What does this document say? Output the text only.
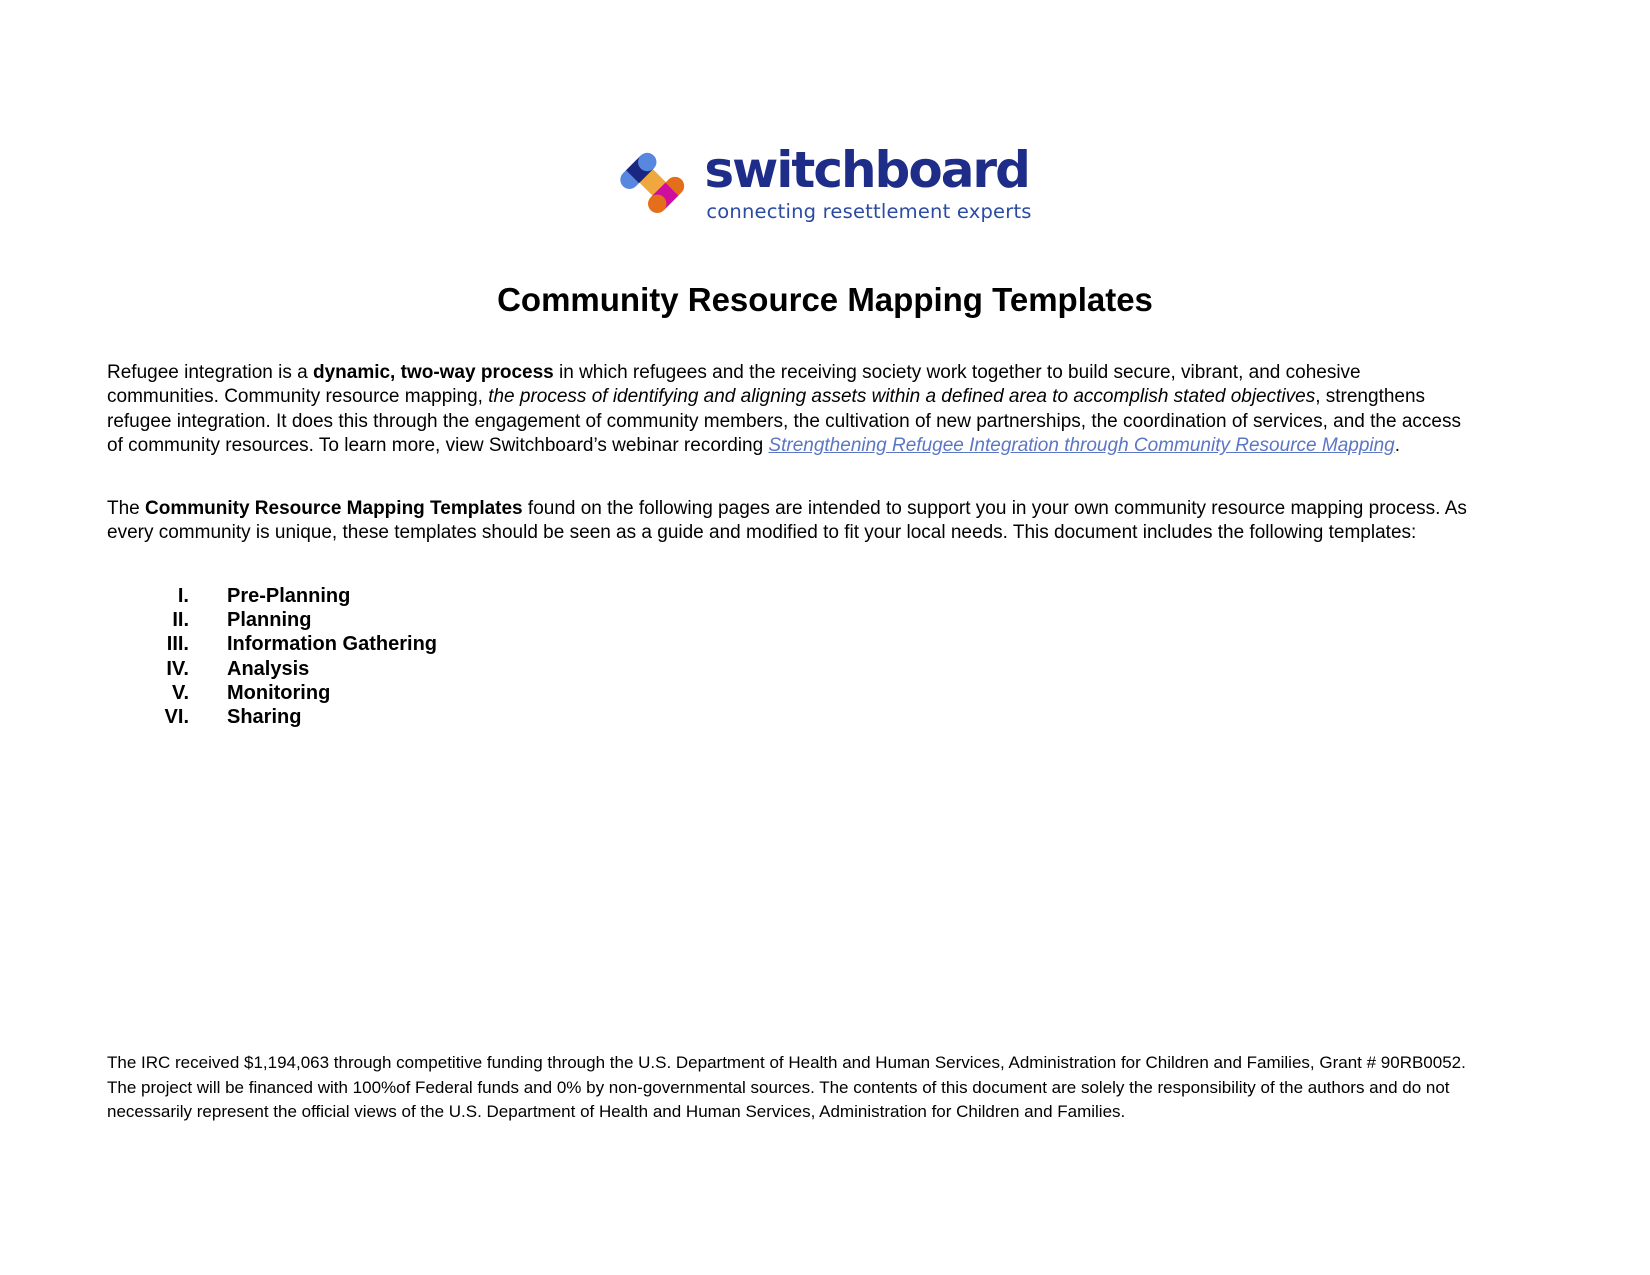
switchboard
connecting resettlement experts
Community Resource Mapping Templates

Refugee integration is a dynamic, two-way process in which refugees and the receiving society work together to build secure, vibrant, and cohesive communities. Community resource mapping, the process of identifying and aligning assets within a defined area to accomplish stated objectives, strengthens refugee integration. It does this through the engagement of community members, the cultivation of new partnerships, the coordination of services, and the access of community resources. To learn more, view Switchboard’s webinar recording Strengthening Refugee Integration through Community Resource Mapping.

The Community Resource Mapping Templates found on the following pages are intended to support you in your own community resource mapping process. As every community is unique, these templates should be seen as a guide and modified to fit your local needs. This document includes the following templates:

I. Pre-Planning
II. Planning
III. Information Gathering
IV. Analysis
V. Monitoring
VI. Sharing

The IRC received $1,194,063 through competitive funding through the U.S. Department of Health and Human Services, Administration for Children and Families, Grant # 90RB0052. The project will be financed with 100%of Federal funds and 0% by non-governmental sources. The contents of this document are solely the responsibility of the authors and do not necessarily represent the official views of the U.S. Department of Health and Human Services, Administration for Children and Families.
